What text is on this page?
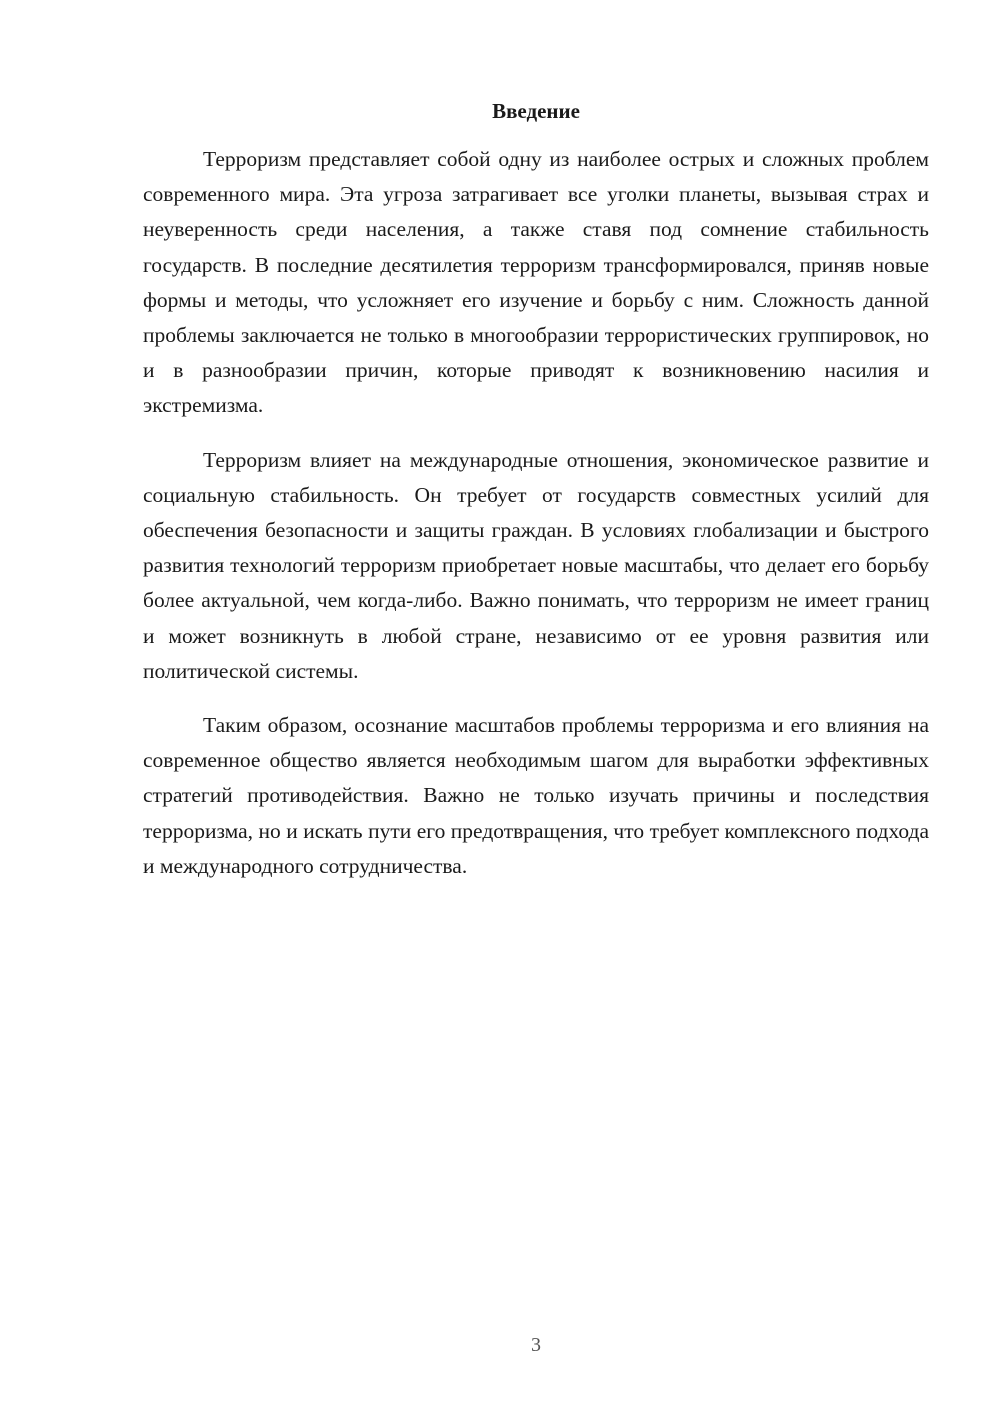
Введение

Терроризм представляет собой одну из наиболее острых и сложных проблем современного мира. Эта угроза затрагивает все уголки планеты, вызывая страх и неуверенность среди населения, а также ставя под сомнение стабильность государств. В последние десятилетия терроризм трансформировался, приняв новые формы и методы, что усложняет его изучение и борьбу с ним. Сложность данной проблемы заключается не только в многообразии террористических группировок, но и в разнообразии причин, которые приводят к возникновению насилия и экстремизма.

Терроризм влияет на международные отношения, экономическое развитие и социальную стабильность. Он требует от государств совместных усилий для обеспечения безопасности и защиты граждан. В условиях глобализации и быстрого развития технологий терроризм приобретает новые масштабы, что делает его борьбу более актуальной, чем когда-либо. Важно понимать, что терроризм не имеет границ и может возникнуть в любой стране, независимо от ее уровня развития или политической системы.

Таким образом, осознание масштабов проблемы терроризма и его влияния на современное общество является необходимым шагом для выработки эффективных стратегий противодействия. Важно не только изучать причины и последствия терроризма, но и искать пути его предотвращения, что требует комплексного подхода и международного сотрудничества.

3
